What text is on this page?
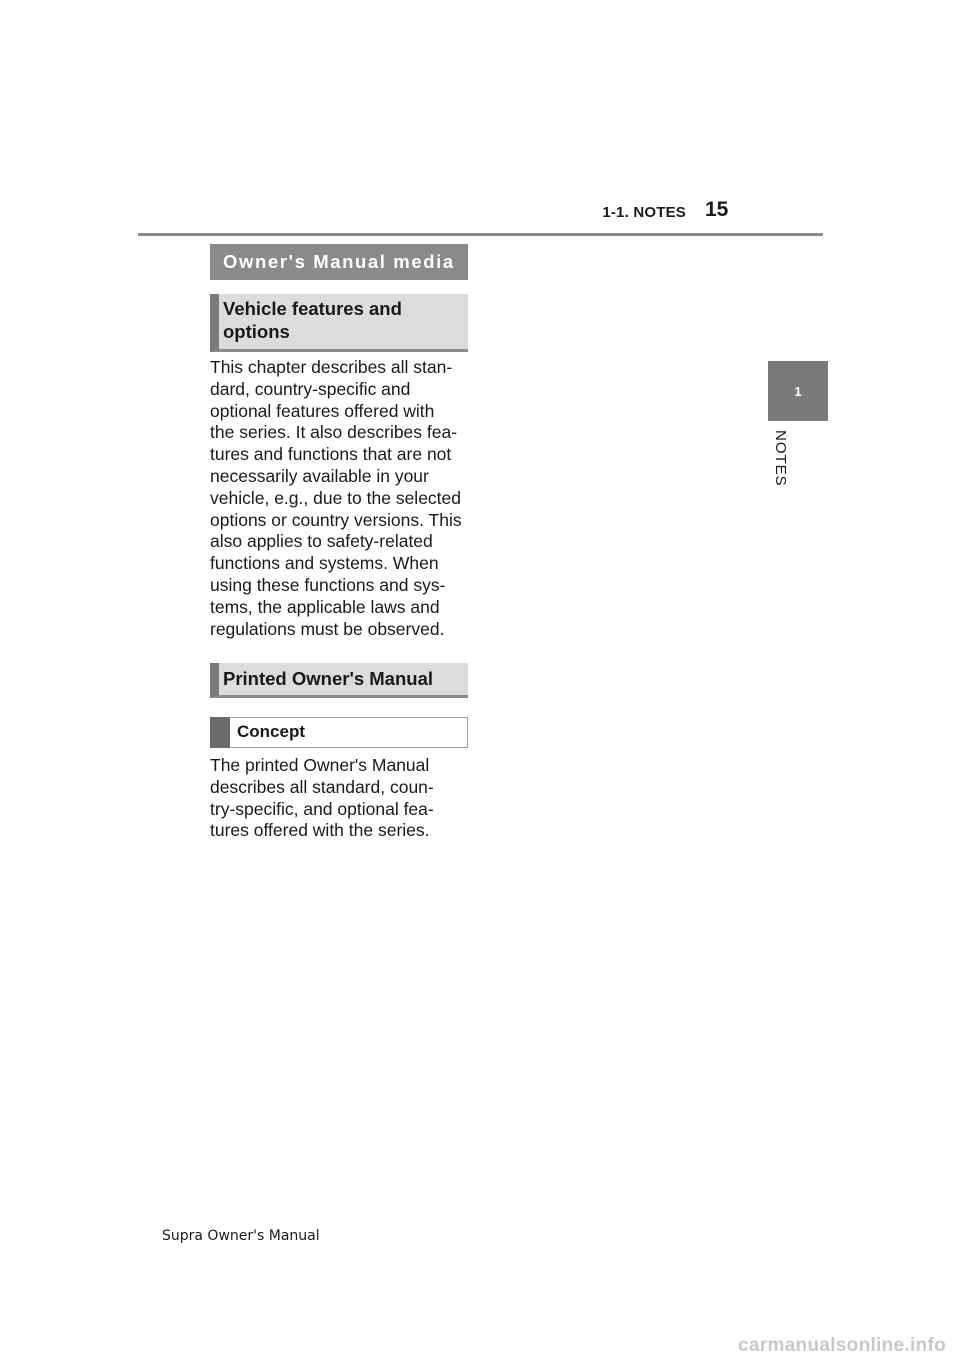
1-1. NOTES 15
1
NOTES
Owner's Manual media
Vehicle features and
options

This chapter describes all stan-
dard, country-specific and
optional features offered with
the series. It also describes fea-
tures and functions that are not
necessarily available in your
vehicle, e.g., due to the selected
options or country versions. This
also applies to safety-related
functions and systems. When
using these functions and sys-
tems, the applicable laws and
regulations must be observed.

Printed Owner's Manual
Concept

The printed Owner's Manual
describes all standard, coun-
try-specific, and optional fea-
tures offered with the series.

Supra Owner's Manual
carmanualsonline.info
